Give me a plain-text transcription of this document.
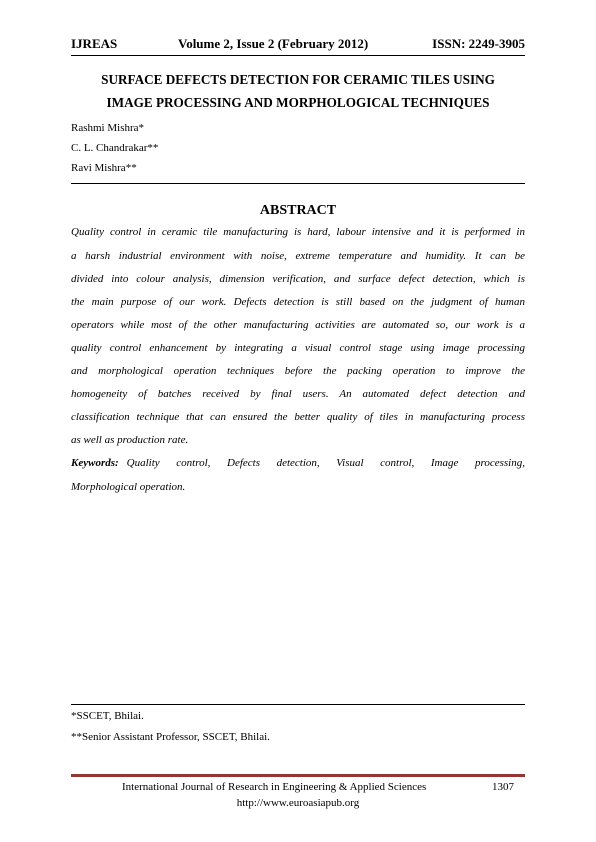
IJREAS	Volume 2, Issue 2 (February 2012)	ISSN: 2249-3905
SURFACE DEFECTS DETECTION FOR CERAMIC TILES USING
IMAGE PROCESSING AND MORPHOLOGICAL TECHNIQUES
Rashmi Mishra*
C. L. Chandrakar**
Ravi Mishra**
ABSTRACT
Quality control in ceramic tile manufacturing is hard, labour intensive and it is performed in
a harsh industrial environment with noise, extreme temperature and humidity. It can be
divided into colour analysis, dimension verification, and surface defect detection, which is
the main purpose of our work. Defects detection is still based on the judgment of human
operators while most of the other manufacturing activities are automated so, our work is a
quality control enhancement by integrating a visual control stage using image processing
and morphological operation techniques before the packing operation to improve the
homogeneity of batches received by final users. An automated defect detection and
classification technique that can ensured the better quality of tiles in manufacturing process
as well as production rate.
Keywords: Quality control, Defects detection, Visual control, Image processing,
Morphological operation.
*SSCET, Bhilai.
**Senior Assistant Professor, SSCET, Bhilai.
International Journal of Research in Engineering & Applied Sciences	1307
http://www.euroasiapub.org
